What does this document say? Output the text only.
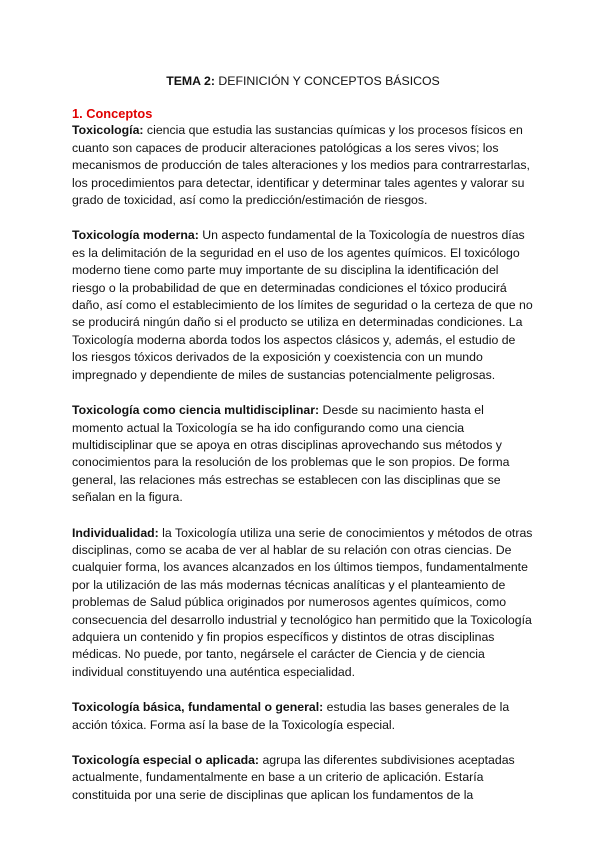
TEMA 2: DEFINICIÓN Y CONCEPTOS BÁSICOS
1. Conceptos

Toxicología: ciencia que estudia las sustancias químicas y los procesos físicos en cuanto son capaces de producir alteraciones patológicas a los seres vivos; los mecanismos de producción de tales alteraciones y los medios para contrarrestarlas, los procedimientos para detectar, identificar y determinar tales agentes y valorar su grado de toxicidad, así como la predicción/estimación de riesgos.

Toxicología moderna: Un aspecto fundamental de la Toxicología de nuestros días es la delimitación de la seguridad en el uso de los agentes químicos. El toxicólogo moderno tiene como parte muy importante de su disciplina la identificación del riesgo o la probabilidad de que en determinadas condiciones el tóxico producirá daño, así como el establecimiento de los límites de seguridad o la certeza de que no se producirá ningún daño si el producto se utiliza en determinadas condiciones. La Toxicología moderna aborda todos los aspectos clásicos y, además, el estudio de los riesgos tóxicos derivados de la exposición y coexistencia con un mundo impregnado y dependiente de miles de sustancias potencialmente peligrosas.

Toxicología como ciencia multidisciplinar: Desde su nacimiento hasta el momento actual la Toxicología se ha ido configurando como una ciencia multidisciplinar que se apoya en otras disciplinas aprovechando sus métodos y conocimientos para la resolución de los problemas que le son propios. De forma general, las relaciones más estrechas se establecen con las disciplinas que se señalan en la figura.

Individualidad: la Toxicología utiliza una serie de conocimientos y métodos de otras disciplinas, como se acaba de ver al hablar de su relación con otras ciencias. De cualquier forma, los avances alcanzados en los últimos tiempos, fundamentalmente por la utilización de las más modernas técnicas analíticas y el planteamiento de problemas de Salud pública originados por numerosos agentes químicos, como consecuencia del desarrollo industrial y tecnológico han permitido que la Toxicología adquiera un contenido y fin propios específicos y distintos de otras disciplinas médicas. No puede, por tanto, negársele el carácter de Ciencia y de ciencia individual constituyendo una auténtica especialidad.

Toxicología básica, fundamental o general: estudia las bases generales de la acción tóxica. Forma así la base de la Toxicología especial.

Toxicología especial o aplicada: agrupa las diferentes subdivisiones aceptadas actualmente, fundamentalmente en base a un criterio de aplicación. Estaría constituida por una serie de disciplinas que aplican los fundamentos de la
